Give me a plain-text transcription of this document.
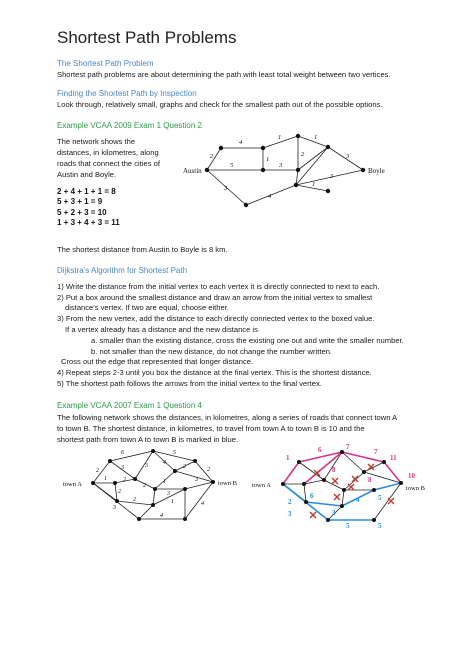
Shortest Path Problems
The Shortest Path Problem
Shortest path problems are about determining the path with least total weight between two vertices.
Finding the Shortest Path by Inspection
Look through, relatively small, graphs and check for the smallest path out of the possible options.
Example VCAA 2009 Exam 1 Question 2
The network shows the
distances, in kilometres, along
roads that connect the cities of
Austin and Boyle.
2 + 4 + 1 + 1 = 8
5 + 3 + 1 = 9
5 + 2 + 3 = 10
1 + 3 + 4 + 3 = 11
2
4
1	1
5	3
1
2	3
4
3
1
3
Austin	Boyle
The shortest distance from Austin to Boyle is 8 km.
Dijkstra's Algorithm for Shortest Path
1) Write the distance from the initial vertex to each vertex it is directly connected to next to each.
2) Put a box around the smallest distance and draw an arrow from the initial vertex to smallest
distance's vertex. If two are equal, choose either.
3) From the new vertex, add the distance to each directly connected vertex to the boxed value.
If a vertex already has a distance and the new distance is
a. smaller than the existing distance, cross the existing one out and write the smaller number.
b. not smaller than the new distance, do not change the number written.
Cross out the edge that represented that longer distance.
4) Repeat steps 2-3 until you box the distance at the final vertex. This is the shortest distance.
5) The shortest path follows the arrows from the initial vertex to the final vertex.
Example VCAA 2007 Exam 1 Question 4
The following network shows the distances, in kilometres, along a series of roads that connect town A
to town B. The shortest distance, in kilometres, to travel from town A to town B is 10 and the
shortest path from town A to town B is marked in blue.
6	5
2
1
3	3	4
2
2
2
2
1	3
3
2
2
3
4
4
1
town A	town B
1
6	7
7
11
10
8
8
2
3	3
4	5
5
5
6
town A	town B
